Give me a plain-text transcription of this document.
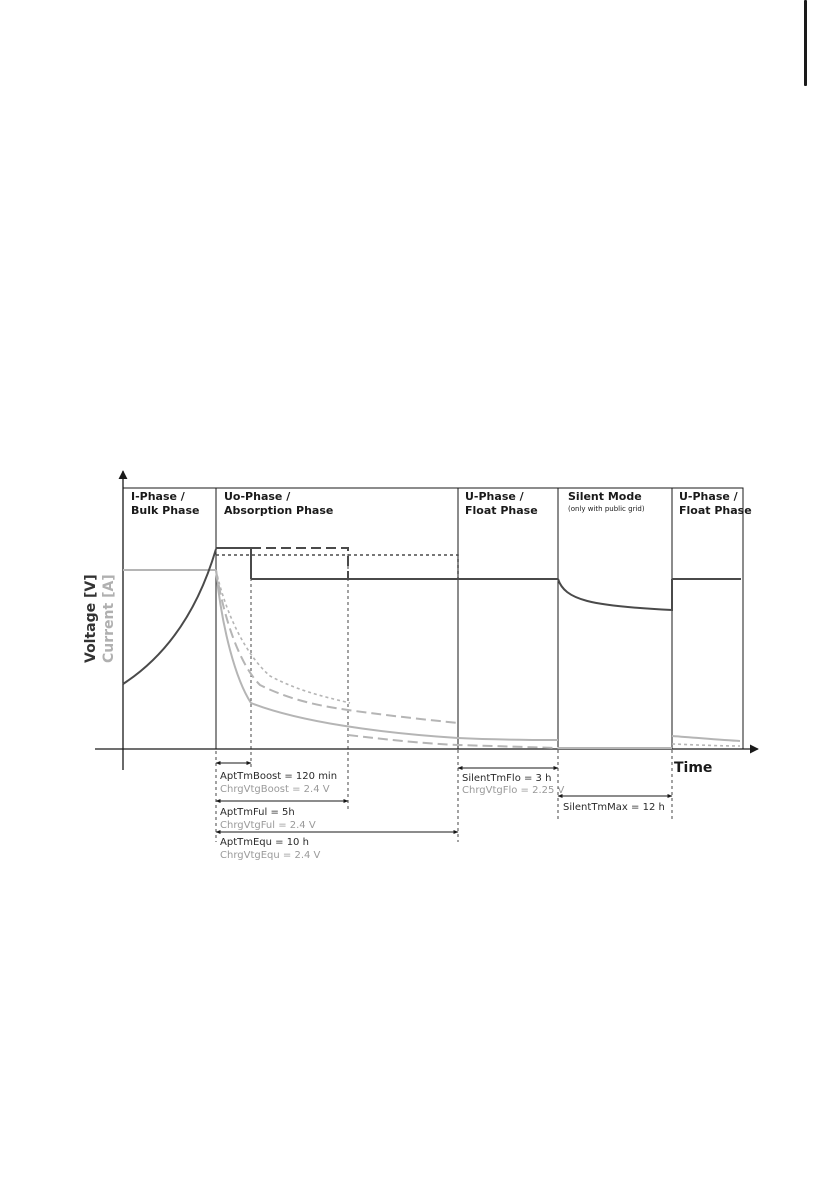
I-Phase /
Bulk Phase
Uo-Phase /
Absorption Phase
U-Phase /
Float Phase
Silent Mode
(only with public grid)
U-Phase /
Float Phase
Voltage [V] Current [A]
Time
AptTmBoost = 120 min
ChrgVtgBoost = 2.4 V
AptTmFul = 5h
ChrgVtgFul = 2.4 V
AptTmEqu = 10 h
ChrgVtgEqu = 2.4 V
SilentTmFlo = 3 h
ChrgVtgFlo = 2.25 V
SilentTmMax = 12 h
